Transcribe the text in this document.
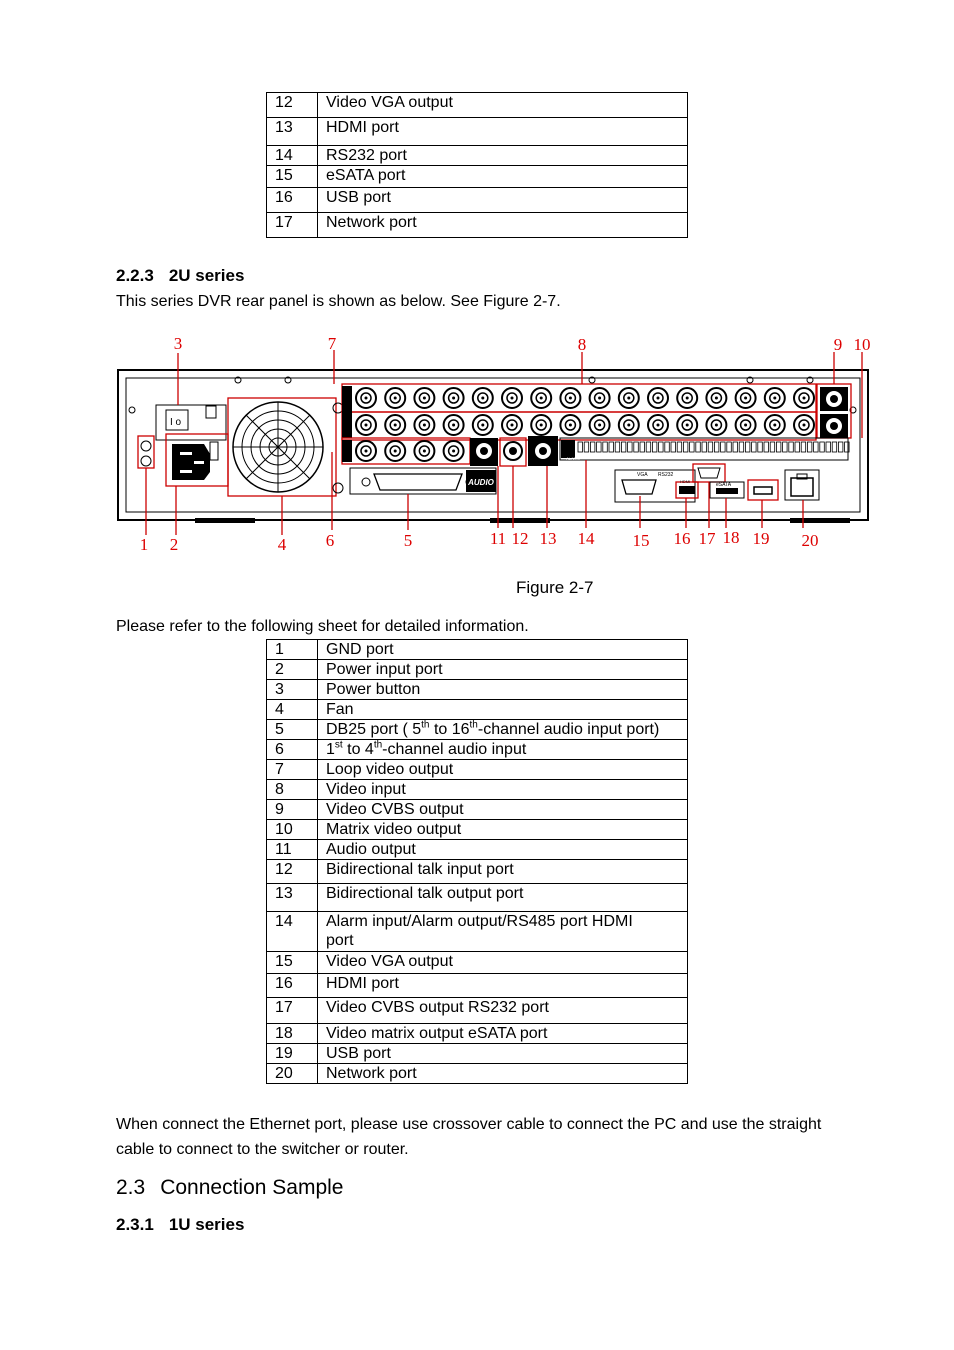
12	Video VGA output
13	HDMI port
14	RS232 port
15	eSATA port
16	USB port
17	Network port
2.2.3 2U series
This series DVR rear panel is shown as below. See Figure 2-7.
I o
AUDIO
ALARM
VGA RS232
HDMI
eSATA
1 2
3
4	5
6
7	8	9 10
11 12 13 14 15 16 17 18 19 20
Figure 2-7
Please refer to the following sheet for detailed information.
1	GND port
2	Power input port
3	Power button
4	Fan
5	DB25 port ( 5th to 16th-channel audio input port)
6	1st to 4th-channel audio input
7	Loop video output
8	Video input
9	Video CVBS output
10	Matrix video output
11	Audio output
12	Bidirectional talk input port
13	Bidirectional talk output port
14	Alarm input/Alarm output/RS485 port HDMI port
15	Video VGA output
16	HDMI port
17	Video CVBS output RS232 port
18	Video matrix output eSATA port
19	USB port
20	Network port
When connect the Ethernet port, please use crossover cable to connect the PC and use the straight cable to connect to the switcher or router.
2.3 Connection Sample
2.3.1 1U series
